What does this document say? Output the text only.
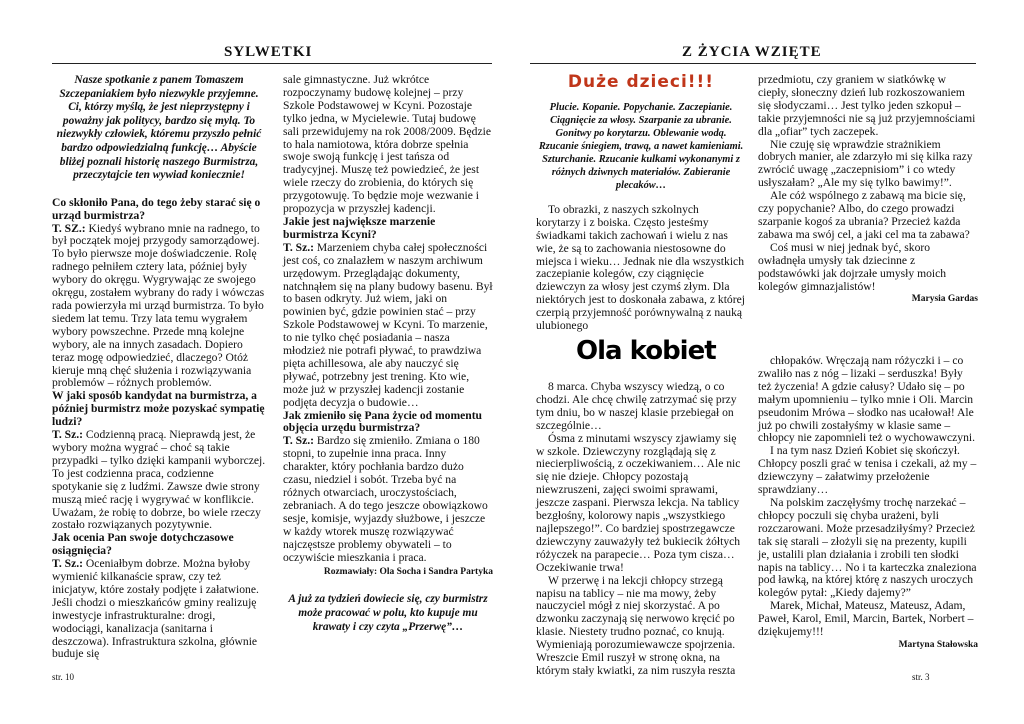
SYLWETKI

Nasze spotkanie z panem Tomaszem Szczepaniakiem było niezwykle przyjemne. Ci, którzy myślą, że jest nieprzystępny i poważny jak politycy, bardzo się mylą. To niezwykły człowiek, któremu przyszło pełnić bardzo odpowiedzialną funkcję… Abyście bliżej poznali historię naszego Burmistrza, przeczytajcie ten wywiad koniecznie!

Co skłoniło Pana, do tego żeby starać się o urząd burmistrza?

T. SZ.: Kiedyś wybrano mnie na radnego, to był początek mojej przygody samorządowej. To było pierwsze moje doświadczenie. Rolę radnego pełniłem cztery lata, później były wybory do okręgu. Wygrywając ze swojego okręgu, zostałem wybrany do rady i wówczas rada powierzyła mi urząd burmistrza. To było siedem lat temu. Trzy lata temu wygrałem wybory powszechne. Przede mną kolejne wybory, ale na innych zasadach. Dopiero teraz mogę odpowiedzieć, dlaczego? Otóż kieruje mną chęć służenia i rozwiązywania problemów – różnych problemów.

W jaki sposób kandydat na burmistrza, a później burmistrz może pozyskać sympatię ludzi?

T. Sz.: Codzienną pracą. Nieprawdą jest, że wybory można wygrać – choć są takie przypadki – tylko dzięki kampanii wyborczej. To jest codzienna praca, codzienne spotykanie się z ludźmi. Zawsze dwie strony muszą mieć rację i wygrywać w konflikcie. Uważam, że robię to dobrze, bo wiele rzeczy zostało rozwiązanych pozytywnie.

Jak ocenia Pan swoje dotychczasowe osiągnięcia?

T. Sz.: Oceniałbym dobrze. Można byłoby wymienić kilkanaście spraw, czy też inicjatyw, które zostały podjęte i załatwione. Jeśli chodzi o mieszkańców gminy realizuję inwestycje infrastrukturalne: drogi, wodociągi, kanalizacja (sanitarna i deszczowa). Infrastruktura szkolna, głównie budujе się

sale gimnastyczne. Już wkrótce rozpoczynamy budowę kolejnej – przy Szkole Podstawowej w Kcyni. Pozostaje tylko jedna, w Mycielewie. Tutaj budowę sali przewidujemy na rok 2008/2009. Będzie to hala namiotowa, która dobrze spełnia swoje swoją funkcję i jest tańsza od tradycyjnej. Muszę też powiedzieć, że jest wiele rzeczy do zrobienia, do których się przygotowuję. To będzie moje wezwanie i propozycja w przyszłej kadencji.

Jakie jest największe marzenie burmistrza Kcyni?

T. Sz.: Marzeniem chyba całej społeczności jest coś, co znalazłem w naszym archiwum urzędowym. Przeglądając dokumenty, natchnąłem się na plany budowy basenu. Był to basen odkryty. Już wiem, jaki on powinien być, gdzie powinien stać – przy Szkole Podstawowej w Kcyni. To marzenie, to nie tylko chęć posiadania – nasza młodzież nie potrafi pływać, to prawdziwa pięta achillesowa, ale aby nauczyć się pływać, potrzebny jest trening. Kto wie, może już w przyszłej kadencji zostanie podjęta decyzja o budowie…

Jak zmieniło się Pana życie od momentu objęcia urzędu burmistrza?

T. Sz.: Bardzo się zmieniło. Zmiana o 180 stopni, to zupełnie inna praca. Inny charakter, który pochłania bardzo dużo czasu, niedziel i sobót. Trzeba być na różnych otwarciach, uroczystościach, zebraniach. A do tego jeszcze obowiązkowo sesje, komisje, wyjazdy służbowe, i jeszcze w każdy wtorek muszę rozwiązywać najczęstsze problemy obywateli – to oczywiście mieszkania i praca.

Rozmawiały: Ola Socha i Sandra Partyka

A już za tydzień dowiecie się, czy burmistrz może pracować w polu, kto kupuje mu krawaty i czy czyta „Przerwę”…

str. 10
Z ŻYCIA WZIĘTE
Duże dzieci!!!

Plucie. Kopanie. Popychanie. Zaczepianie. Ciągnięcie za włosy. Szarpanie za ubranie. Gonitwy po korytarzu. Oblewanie wodą. Rzucanie śniegiem, trawą, a nawet kamieniami. Szturchanie. Rzucanie kulkami wykonanymi z różnych dziwnych materiałów. Zabieranie plecaków…

To obrazki, z naszych szkolnych korytarzy i z boiska. Często jesteśmy świadkami takich zachowań i wielu z nas wie, że są to zachowania niestosowne do miejsca i wieku… Jednak nie dla wszystkich zaczepianie kolegów, czy ciągnięcie dziewczyn za włosy jest czymś złym. Dla niektórych jest to doskonała zabawa, z której czerpią przyjemność porównywalną z nauką ulubionego

przedmiotu, czy graniem w siatkówkę w ciepły, słoneczny dzień lub rozkoszowaniem się słodyczami… Jest tylko jeden szkopuł – takie przyjemności nie są już przyjemnościami dla „ofiar” tych zaczepek.

Nie czuję się wprawdzie strażnikiem dobrych manier, ale zdarzyło mi się kilka razy zwrócić uwagę „zaczepnisiom” i co wtedy usłyszałam? „Ale my się tylko bawimy!”.

Ale cóż wspólnego z zabawą ma bicie się, czy popychanie? Albo, do czego prowadzi szarpanie kogoś za ubrania? Przecież każda zabawa ma swój cel, a jaki cel ma ta zabawa?

Coś musi w niej jednak być, skoro owładnęła umysły tak dziecinne z podstawówki jak dojrzałe umysły moich kolegów gimnazjalistów!

Marysia Gardas

Ola kobiet

8 marca. Chyba wszyscy wiedzą, o co chodzi. Ale chcę chwilę zatrzymać się przy tym dniu, bo w naszej klasie przebiegał on szczególnie…

Ósma z minutami wszyscy zjawiamy się w szkole. Dziewczyny rozglądają się z niecierpliwością, z oczekiwaniem… Ale nic się nie dzieje. Chłopcy pozostają niewzruszeni, zajęci swoimi sprawami, jeszcze zaspani. Pierwsza lekcja. Na tablicy bezgłośny, kolorowy napis „wszystkiego najlepszego!”. Co bardziej spostrzegawcze dziewczyny zauważyły też bukiecik żółtych różyczek na parapecie… Poza tym cisza… Oczekiwanie trwa!

W przerwę i na lekcji chłopcy strzegą napisu na tablicy – nie ma mowy, żeby nauczyciel mógł z niej skorzystać. A po dzwonku zaczynają się nerwowo kręcić po klasie. Niestety trudno poznać, co knują. Wymieniają porozumiewawcze spojrzenia. Wreszcie Emil ruszył w stronę okna, na którym stały kwiatki, za nim ruszyła reszta

chłopaków. Wręczają nam różyczki i – co zwaliło nas z nóg – lizaki – serduszka! Były też życzenia! A gdzie całusy? Udało się – po małym upomnieniu – tylko mnie i Oli. Marcin pseudonim Mrówa – słodko nas ucałował! Ale już po chwili zostałyśmy w klasie same – chłopcy nie zapomnieli też o wychowawczyni.

I na tym nasz Dzień Kobiet się skończył. Chłopcy poszli grać w tenisa i czekali, aż my – dziewczyny – załatwimy przełożenie sprawdziany…

Na polskim zaczęłyśmy trochę narzekać – chłopcy poczuli się chyba urażeni, byli rozczarowani. Może przesadziłyśmy? Przecież tak się starali – złożyli się na prezenty, kupili je, ustalili plan działania i zrobili ten słodki napis na tablicy… No i ta karteczka znaleziona pod ławką, na której którę z naszych uroczych kolegów pytał: „Kiedy dajemy?”

Marek, Michał, Mateusz, Mateusz, Adam, Paweł, Karol, Emil, Marcin, Bartek, Norbert – dziękujemy!!!

Martyna Stałowska

str. 3
